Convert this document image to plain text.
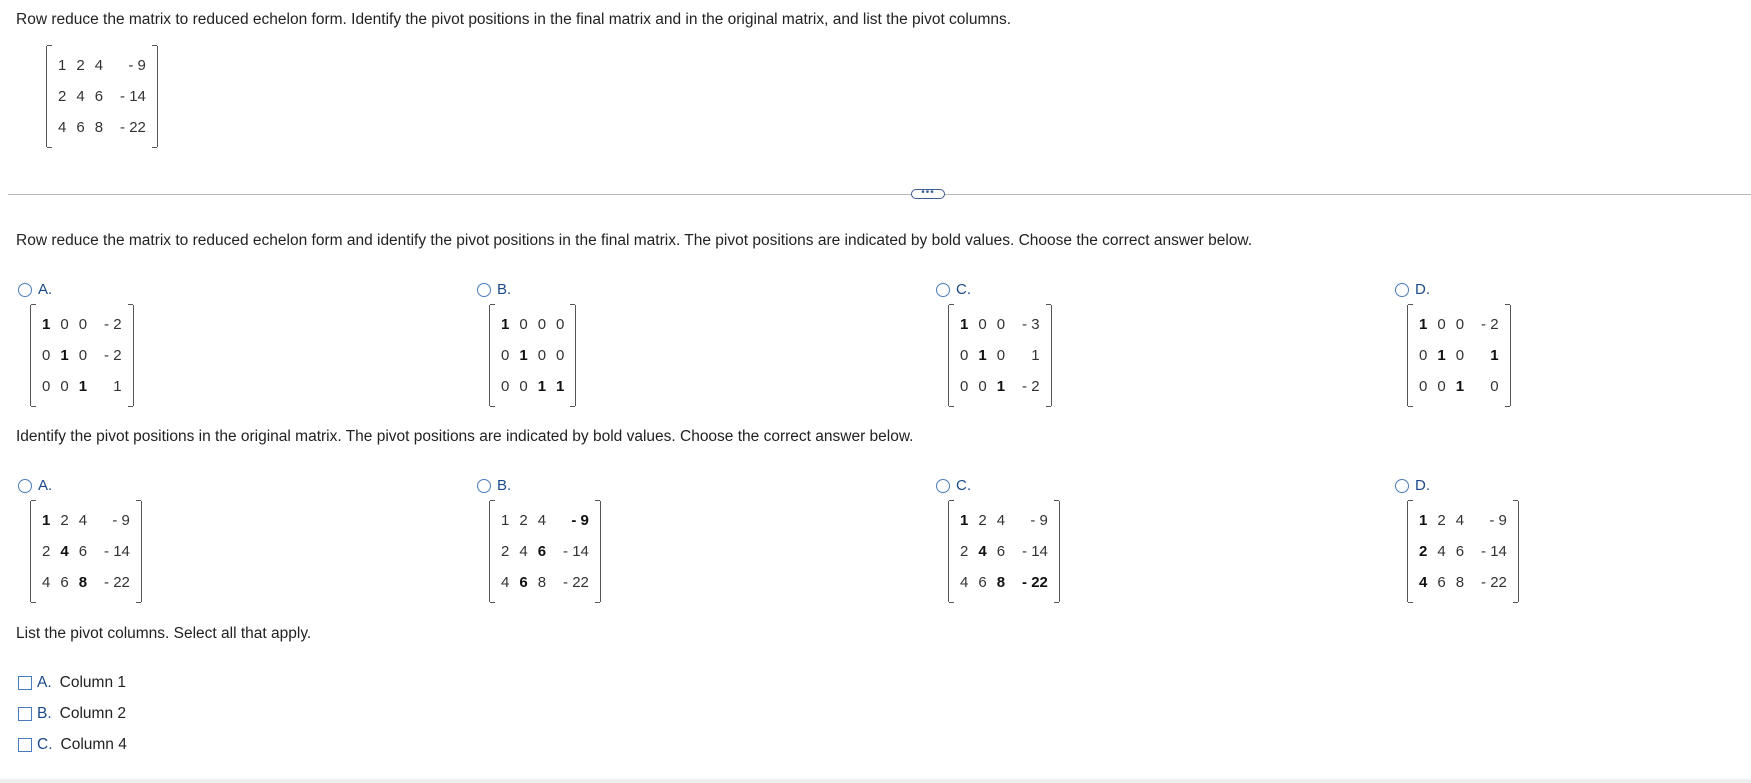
Row reduce the matrix to reduced echelon form. Identify the pivot positions in the final matrix and in the original matrix, and list the pivot columns.
1	2	4	- 9
2	4	6	- 14
4	6	8	- 22
•••
Row reduce the matrix to reduced echelon form and identify the pivot positions in the final matrix. The pivot positions are indicated by bold values. Choose the correct answer below.
A.
1	0	0	- 2
0	1	0	- 2
0	0	1	1
B.
1	0	0	0
0	1	0	0
0	0	1	1
C.
1	0	0	- 3
0	1	0	1
0	0	1	- 2
D.
1	0	0	- 2
0	1	0	1
0	0	1	0
Identify the pivot positions in the original matrix. The pivot positions are indicated by bold values. Choose the correct answer below.
A.
1	2	4	- 9
2	4	6	- 14
4	6	8	- 22
B.
1	2	4	- 9
2	4	6	- 14
4	6	8	- 22
C.
1	2	4	- 9
2	4	6	- 14
4	6	8	- 22
D.
1	2	4	- 9
2	4	6	- 14
4	6	8	- 22
List the pivot columns. Select all that apply.
A. Column 1
B. Column 2
C. Column 4
